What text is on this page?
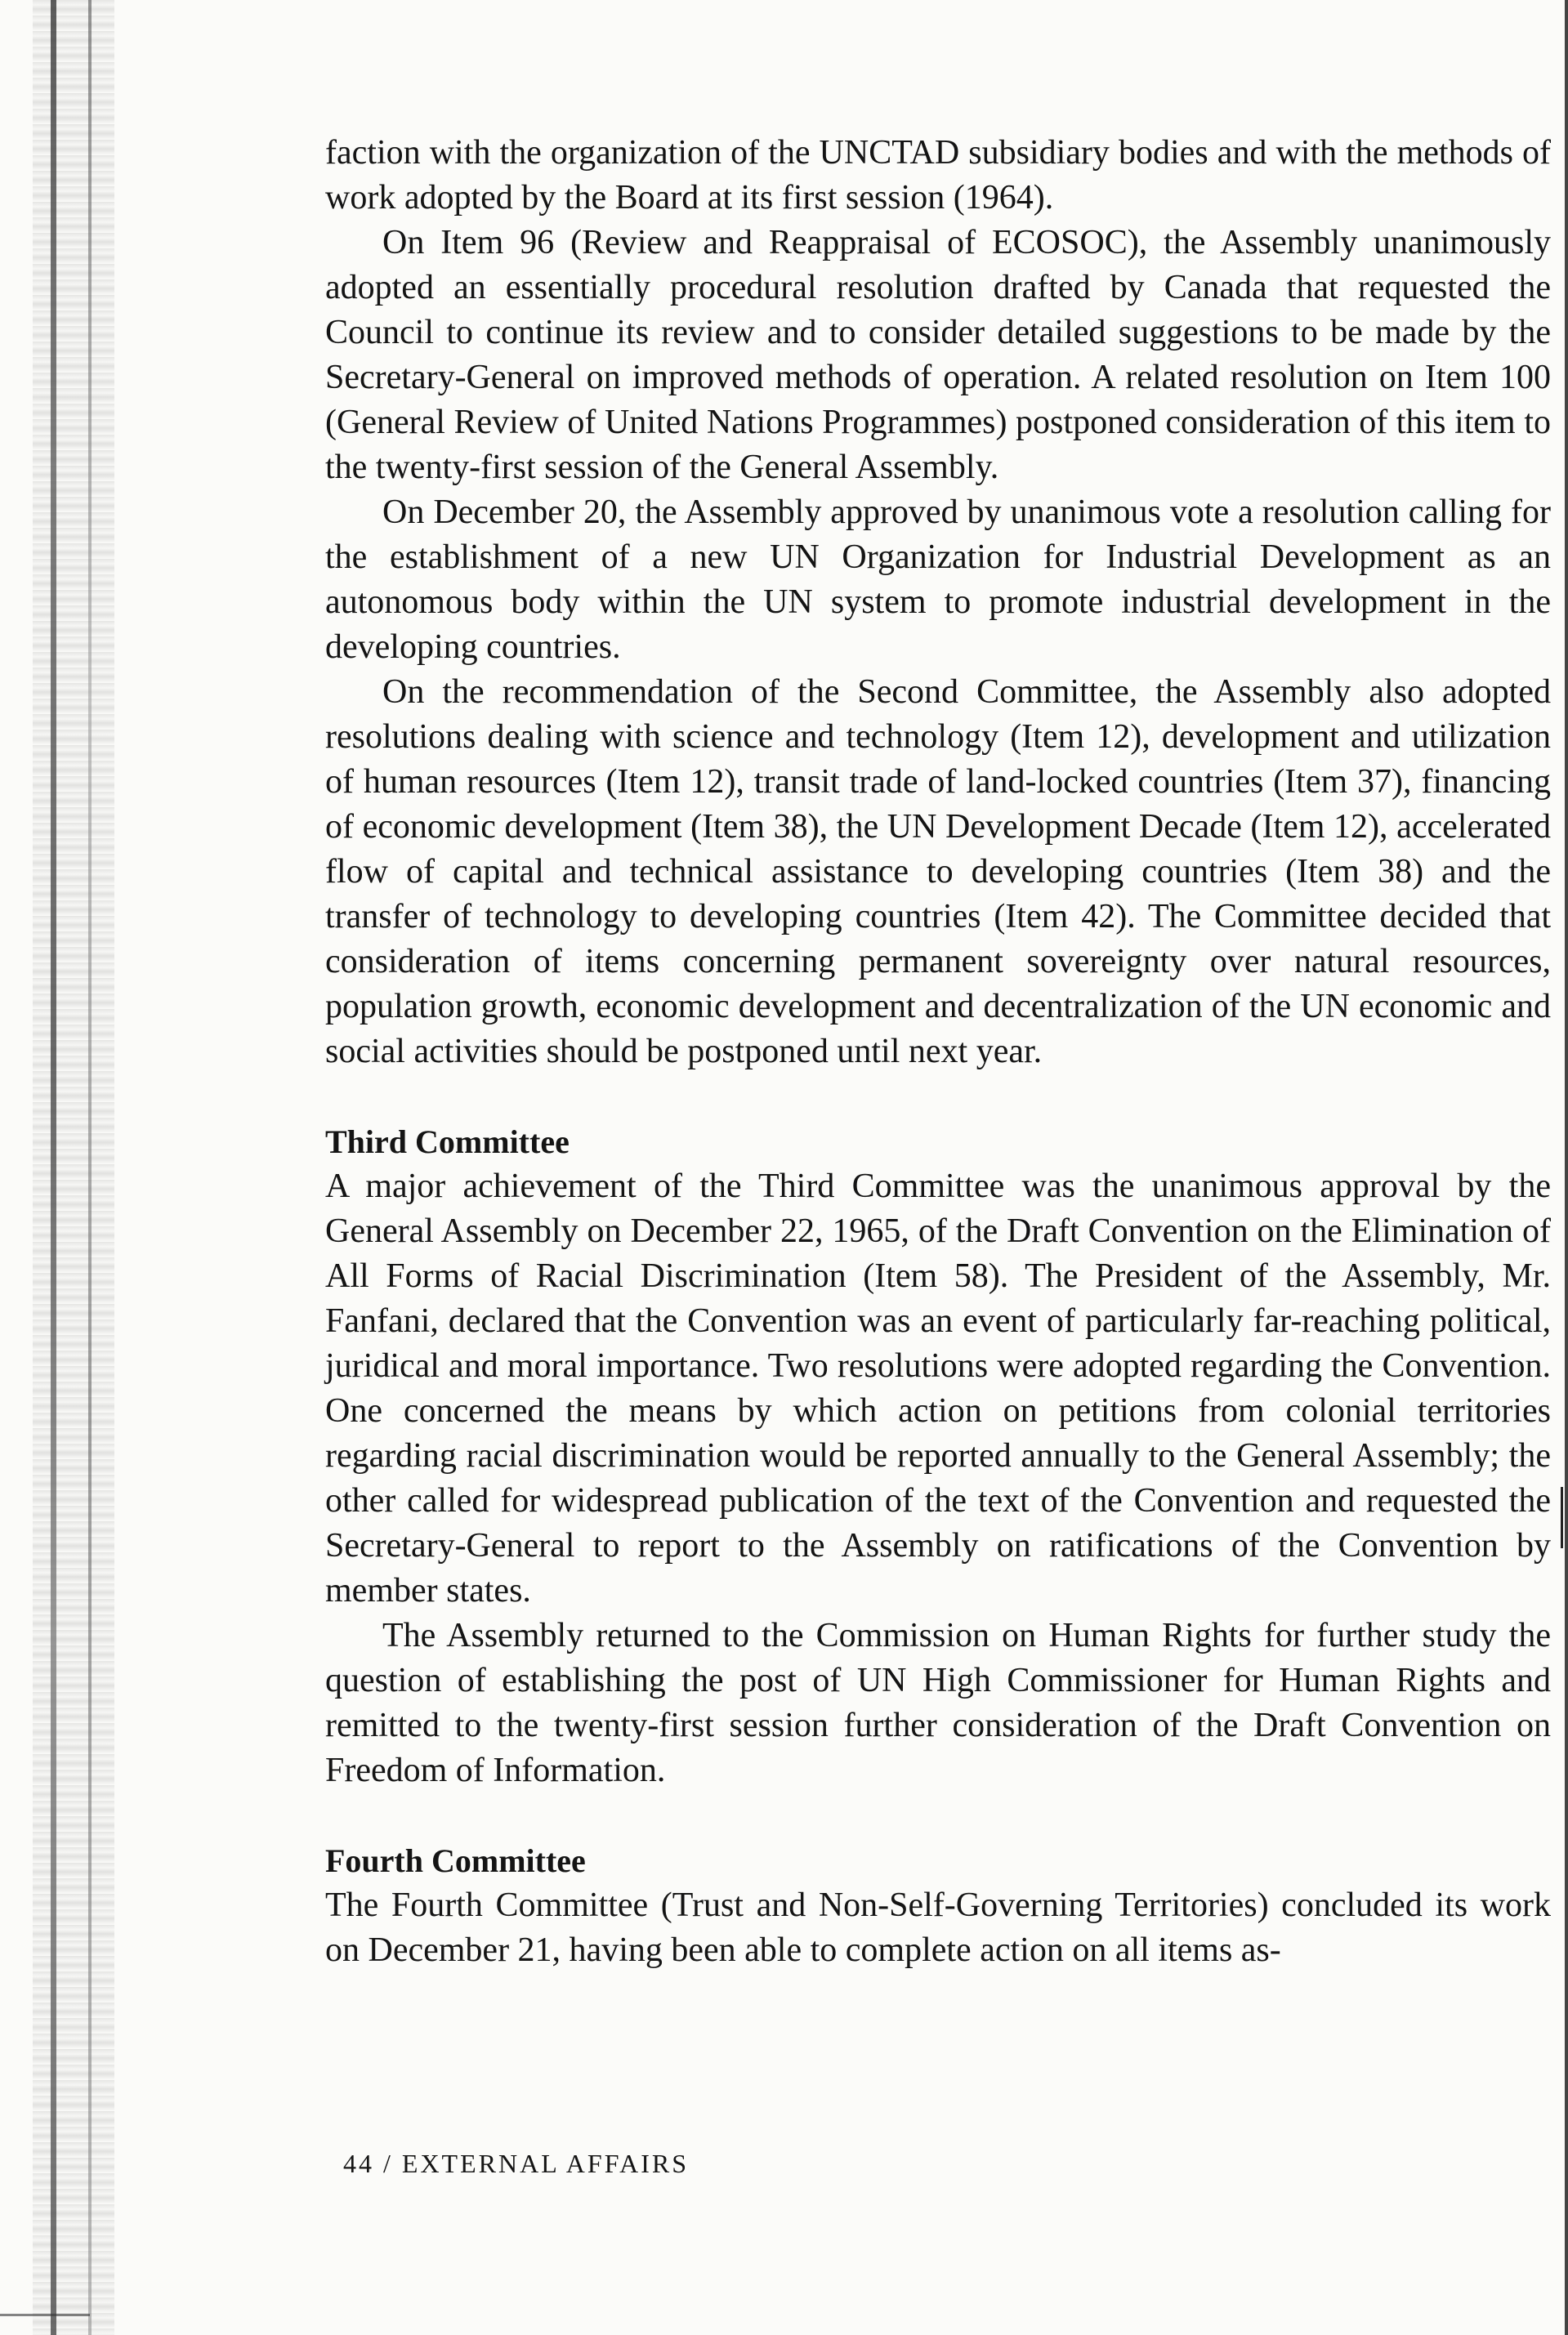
faction with the organization of the UNCTAD subsidiary bodies and with the methods of work adopted by the Board at its first session (1964).

On Item 96 (Review and Reappraisal of ECOSOC), the Assembly unanimously adopted an essentially procedural resolution drafted by Canada that requested the Council to continue its review and to consider detailed suggestions to be made by the Secretary-General on improved methods of operation. A related resolution on Item 100 (General Review of United Nations Programmes) postponed consideration of this item to the twenty-first session of the General Assembly.

On December 20, the Assembly approved by unanimous vote a resolution calling for the establishment of a new UN Organization for Industrial Development as an autonomous body within the UN system to promote industrial development in the developing countries.

On the recommendation of the Second Committee, the Assembly also adopted resolutions dealing with science and technology (Item 12), development and utilization of human resources (Item 12), transit trade of land-locked countries (Item 37), financing of economic development (Item 38), the UN Development Decade (Item 12), accelerated flow of capital and technical assistance to developing countries (Item 38) and the transfer of technology to developing countries (Item 42). The Committee decided that consideration of items concerning permanent sovereignty over natural resources, population growth, economic development and decentralization of the UN economic and social activities should be postponed until next year.

Third Committee

A major achievement of the Third Committee was the unanimous approval by the General Assembly on December 22, 1965, of the Draft Convention on the Elimination of All Forms of Racial Discrimination (Item 58). The President of the Assembly, Mr. Fanfani, declared that the Convention was an event of particularly far-reaching political, juridical and moral importance. Two resolutions were adopted regarding the Convention. One concerned the means by which action on petitions from colonial territories regarding racial discrimination would be reported annually to the General Assembly; the other called for widespread publication of the text of the Convention and requested the Secretary-General to report to the Assembly on ratifications of the Convention by member states.

The Assembly returned to the Commission on Human Rights for further study the question of establishing the post of UN High Commissioner for Human Rights and remitted to the twenty-first session further consideration of the Draft Convention on Freedom of Information.

Fourth Committee

The Fourth Committee (Trust and Non-Self-Governing Territories) concluded its work on December 21, having been able to complete action on all items as-

44 / EXTERNAL AFFAIRS
